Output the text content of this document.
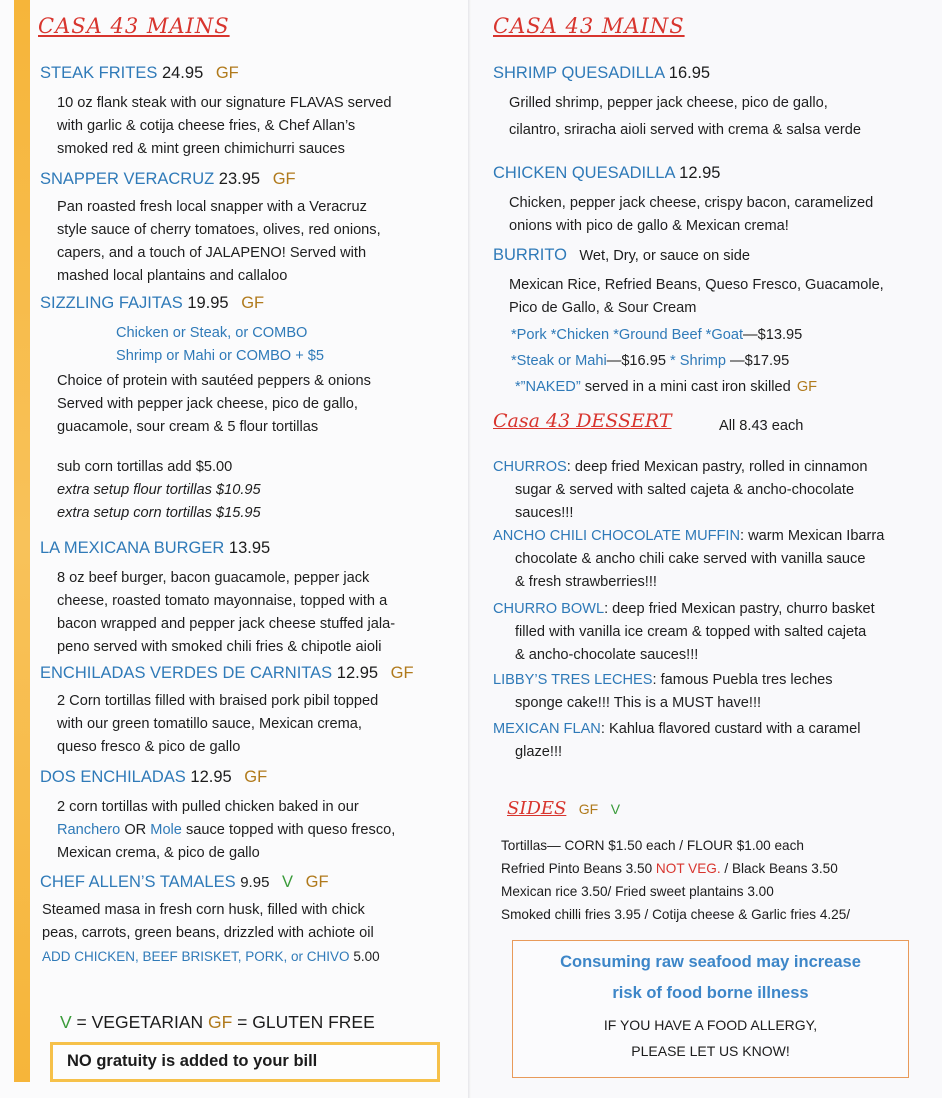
CASA 43 MAINS
STEAK FRITES 24.95 GF
10 oz flank steak with our signature FLAVAS served
with garlic & cotija cheese fries, & Chef Allan’s
smoked red & mint green chimichurri sauces
SNAPPER VERACRUZ 23.95 GF
Pan roasted fresh local snapper with a Veracruz
style sauce of cherry tomatoes, olives, red onions,
capers, and a touch of JALAPENO! Served with
mashed local plantains and callaloo
SIZZLING FAJITAS 19.95 GF
Chicken or Steak, or COMBO
Shrimp or Mahi or COMBO + $5
Choice of protein with sautéed peppers & onions
Served with pepper jack cheese, pico de gallo,
guacamole, sour cream & 5 flour tortillas
sub corn tortillas add $5.00
extra setup flour tortillas $10.95
extra setup corn tortillas $15.95
LA MEXICANA BURGER 13.95
8 oz beef burger, bacon guacamole, pepper jack
cheese, roasted tomato mayonnaise, topped with a
bacon wrapped and pepper jack cheese stuffed jala-
peno served with smoked chili fries & chipotle aioli
ENCHILADAS VERDES DE CARNITAS 12.95 GF
2 Corn tortillas filled with braised pork pibil topped
with our green tomatillo sauce, Mexican crema,
queso fresco & pico de gallo
DOS ENCHILADAS 12.95 GF
2 corn tortillas with pulled chicken baked in our
Ranchero OR Mole sauce topped with queso fresco,
Mexican crema, & pico de gallo
CHEF ALLEN’S TAMALES 9.95 V GF
Steamed masa in fresh corn husk, filled with chick
peas, carrots, green beans, drizzled with achiote oil
ADD CHICKEN, BEEF BRISKET, PORK, or CHIVO 5.00
V = VEGETARIAN GF = GLUTEN FREE
NO gratuity is added to your bill
CASA 43 MAINS
SHRIMP QUESADILLA 16.95
Grilled shrimp, pepper jack cheese, pico de gallo,
cilantro, sriracha aioli served with crema & salsa verde
CHICKEN QUESADILLA 12.95
Chicken, pepper jack cheese, crispy bacon, caramelized
onions with pico de gallo & Mexican crema!
BURRITO Wet, Dry, or sauce on side
Mexican Rice, Refried Beans, Queso Fresco, Guacamole,
Pico de Gallo, & Sour Cream
*Pork *Chicken *Ground Beef *Goat—$13.95
*Steak or Mahi—$16.95 * Shrimp —$17.95
*”NAKED” served in a mini cast iron skilled GF
Casa 43 DESSERT	All 8.43 each
CHURROS: deep fried Mexican pastry, rolled in cinnamon
sugar & served with salted cajeta & ancho-chocolate
sauces!!!
ANCHO CHILI CHOCOLATE MUFFIN: warm Mexican Ibarra
chocolate & ancho chili cake served with vanilla sauce
& fresh strawberries!!!
CHURRO BOWL: deep fried Mexican pastry, churro basket
filled with vanilla ice cream & topped with salted cajeta
& ancho-chocolate sauces!!!
LIBBY’S TRES LECHES: famous Puebla tres leches
sponge cake!!! This is a MUST have!!!
MEXICAN FLAN: Kahlua flavored custard with a caramel
glaze!!!
SIDES GF V
Tortillas— CORN $1.50 each / FLOUR $1.00 each
Refried Pinto Beans 3.50 NOT VEG. / Black Beans 3.50
Mexican rice 3.50/ Fried sweet plantains 3.00
Smoked chilli fries 3.95 / Cotija cheese & Garlic fries 4.25/
Consuming raw seafood may increase
risk of food borne illness
IF YOU HAVE A FOOD ALLERGY,
PLEASE LET US KNOW!
